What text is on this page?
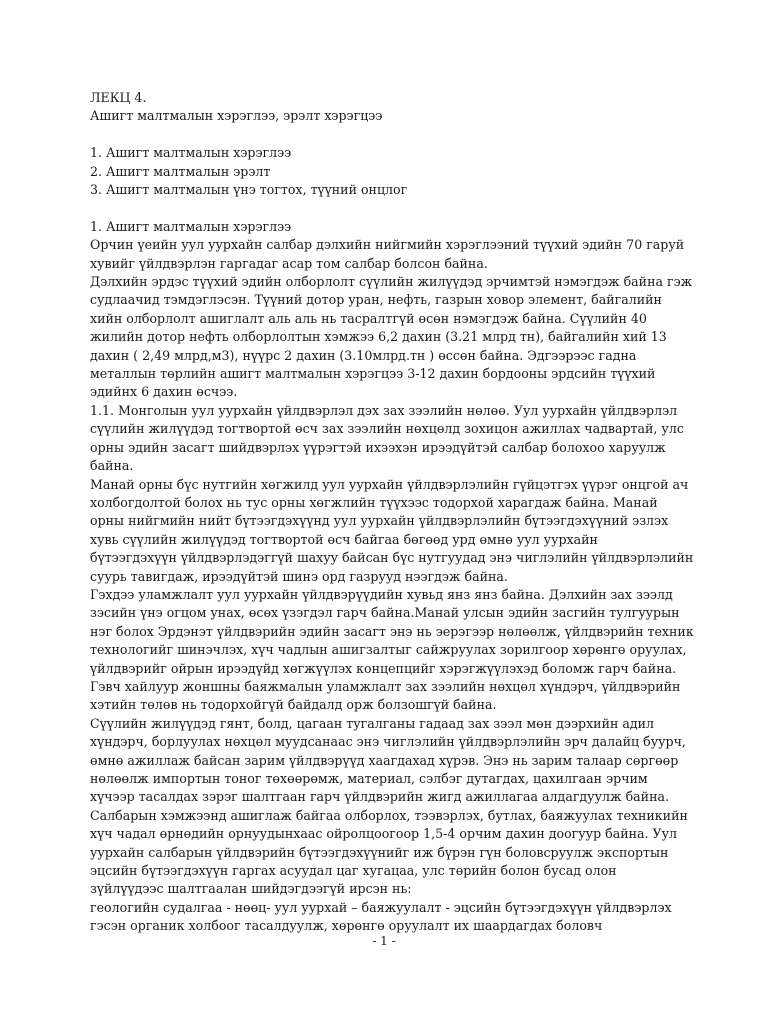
ЛЕКЦ 4.
Ашигт малтмалын хэрэглээ, эрэлт хэрэгцээ
1. Ашигт малтмалын хэрэглээ
2. Ашигт малтмалын эрэлт
3. Ашигт малтмалын үнэ тогтох, түүний онцлог
1. Ашигт малтмалын хэрэглээ
Орчин үеийн уул уурхайн салбар дэлхийн нийгмийн хэрэглээний түүхий эдийн 70 гаруй
хувийг үйлдвэрлэн гаргадаг асар том салбар болсон байна.
Дэлхийн эрдэс түүхий эдийн олборлолт сүүлийн жилүүдэд эрчимтэй нэмэгдэж байна гэж
судлаачид тэмдэглэсэн. Түүний дотор уран, нефть, газрын ховор элемент, байгалийн
хийн олборлолт ашиглалт аль аль нь тасралтгүй өсөн нэмэгдэж байна. Сүүлийн 40
жилийн дотор нефть олборлолтын хэмжээ 6,2 дахин (3.21 млрд тн), байгалийн хий 13
дахин ( 2,49 млрд,м3), нүүрс 2 дахин (3.10млрд.тн ) өссөн байна. Эдгээрээс гадна
металлын төрлийн ашигт малтмалын хэрэгцээ 3-12 дахин бордооны эрдсийн түүхий
эдийнх 6 дахин өсчээ.
1.1. Монголын уул уурхайн үйлдвэрлэл дэх зах зээлийн нөлөө. Уул уурхайн үйлдвэрлэл
сүүлийн жилүүдэд тогтвортой өсч зах зээлийн нөхцөлд зохицон ажиллах чадвартай, улс
орны эдийн засагт шийдвэрлэх үүрэгтэй ихээхэн ирээдүйтэй салбар болохоо харуулж
байна.
Манай орны бүс нутгийн хөгжилд уул уурхайн үйлдвэрлэлийн гүйцэтгэх үүрэг онцгой ач
холбогдолтой болох нь тус орны хөгжлийн түүхээс тодорхой харагдаж байна. Манай
орны нийгмийн нийт бүтээгдэхүүнд уул уурхайн үйлдвэрлэлийн бүтээгдэхүүний эзлэх
хувь сүүлийн жилүүдэд тогтвортой өсч байгаа бөгөөд урд өмнө уул уурхайн
бүтээгдэхүүн үйлдвэрлэдэггүй шахуу байсан бүс нутгуудад энэ чиглэлийн үйлдвэрлэлийн
суурь тавигдаж, ирээдүйтэй шинэ орд газрууд нээгдэж байна.
Гэхдээ уламжлалт уул уурхайн үйлдвэрүүдийн хувьд янз янз байна. Дэлхийн зах зээлд
зэсийн үнэ огцом унах, өсөх үзэгдэл гарч байна.Манай улсын эдийн засгийн тулгуурын
нэг болох Эрдэнэт үйлдвэрийн эдийн засагт энэ нь эерэгээр нөлөөлж, үйлдвэрийн техник
технологийг шинэчлэх, хүч чадлын ашигзалтыг сайжруулах зорилгоор хөрөнгө оруулах,
үйлдвэрийг ойрын ирээдүйд хөгжүүлэх концепцийг хэрэгжүүлэхэд боломж гарч байна.
Гэвч хайлуур жоншны баяжмалын уламжлалт зах зээлийн нөхцөл хүндэрч, үйлдвэрийн
хэтийн төлөв нь тодорхойгүй байдалд орж болзошгүй байна.
Сүүлийн жилүүдэд гянт, болд, цагаан тугалганы гадаад зах зээл мөн дээрхийн адил
хүндэрч, борлуулах нөхцөл муудсанаас энэ чиглэлийн үйлдвэрлэлийн эрч далайц буурч,
өмнө ажиллаж байсан зарим үйлдвэрүүд хаагдахад хүрэв. Энэ нь зарим талаар сөргөөр
нөлөөлж импортын тоног төхөөрөмж, материал, сэлбэг дутагдах, цахилгаан эрчим
хүчээр тасалдах зэрэг шалтгаан гарч үйлдвэрийн жигд ажиллагаа алдагдуулж байна.
Салбарын хэмжээнд ашиглаж байгаа олборлох, тээвэрлэх, бутлах, баяжуулах техникийн
хүч чадал өрнөдийн орнуудынхаас ойролцоогоор 1,5-4 орчим дахин доогуур байна. Уул
уурхайн салбарын үйлдвэрийн бүтээгдэхүүнийг иж бүрэн гүн боловсруулж экспортын
эцсийн бүтээгдэхүүн гаргах асуудал цаг хугацаа, улс төрийн болон бусад олон
зүйлүүдээс шалтгаалан шийдэгдээгүй ирсэн нь:
геологийн судалгаа - нөөц- уул уурхай – баяжуулалт - эцсийн бүтээгдэхүүн үйлдвэрлэх
гэсэн органик холбоог тасалдуулж, хөрөнгө оруулалт их шаардагдах боловч
- 1 -
